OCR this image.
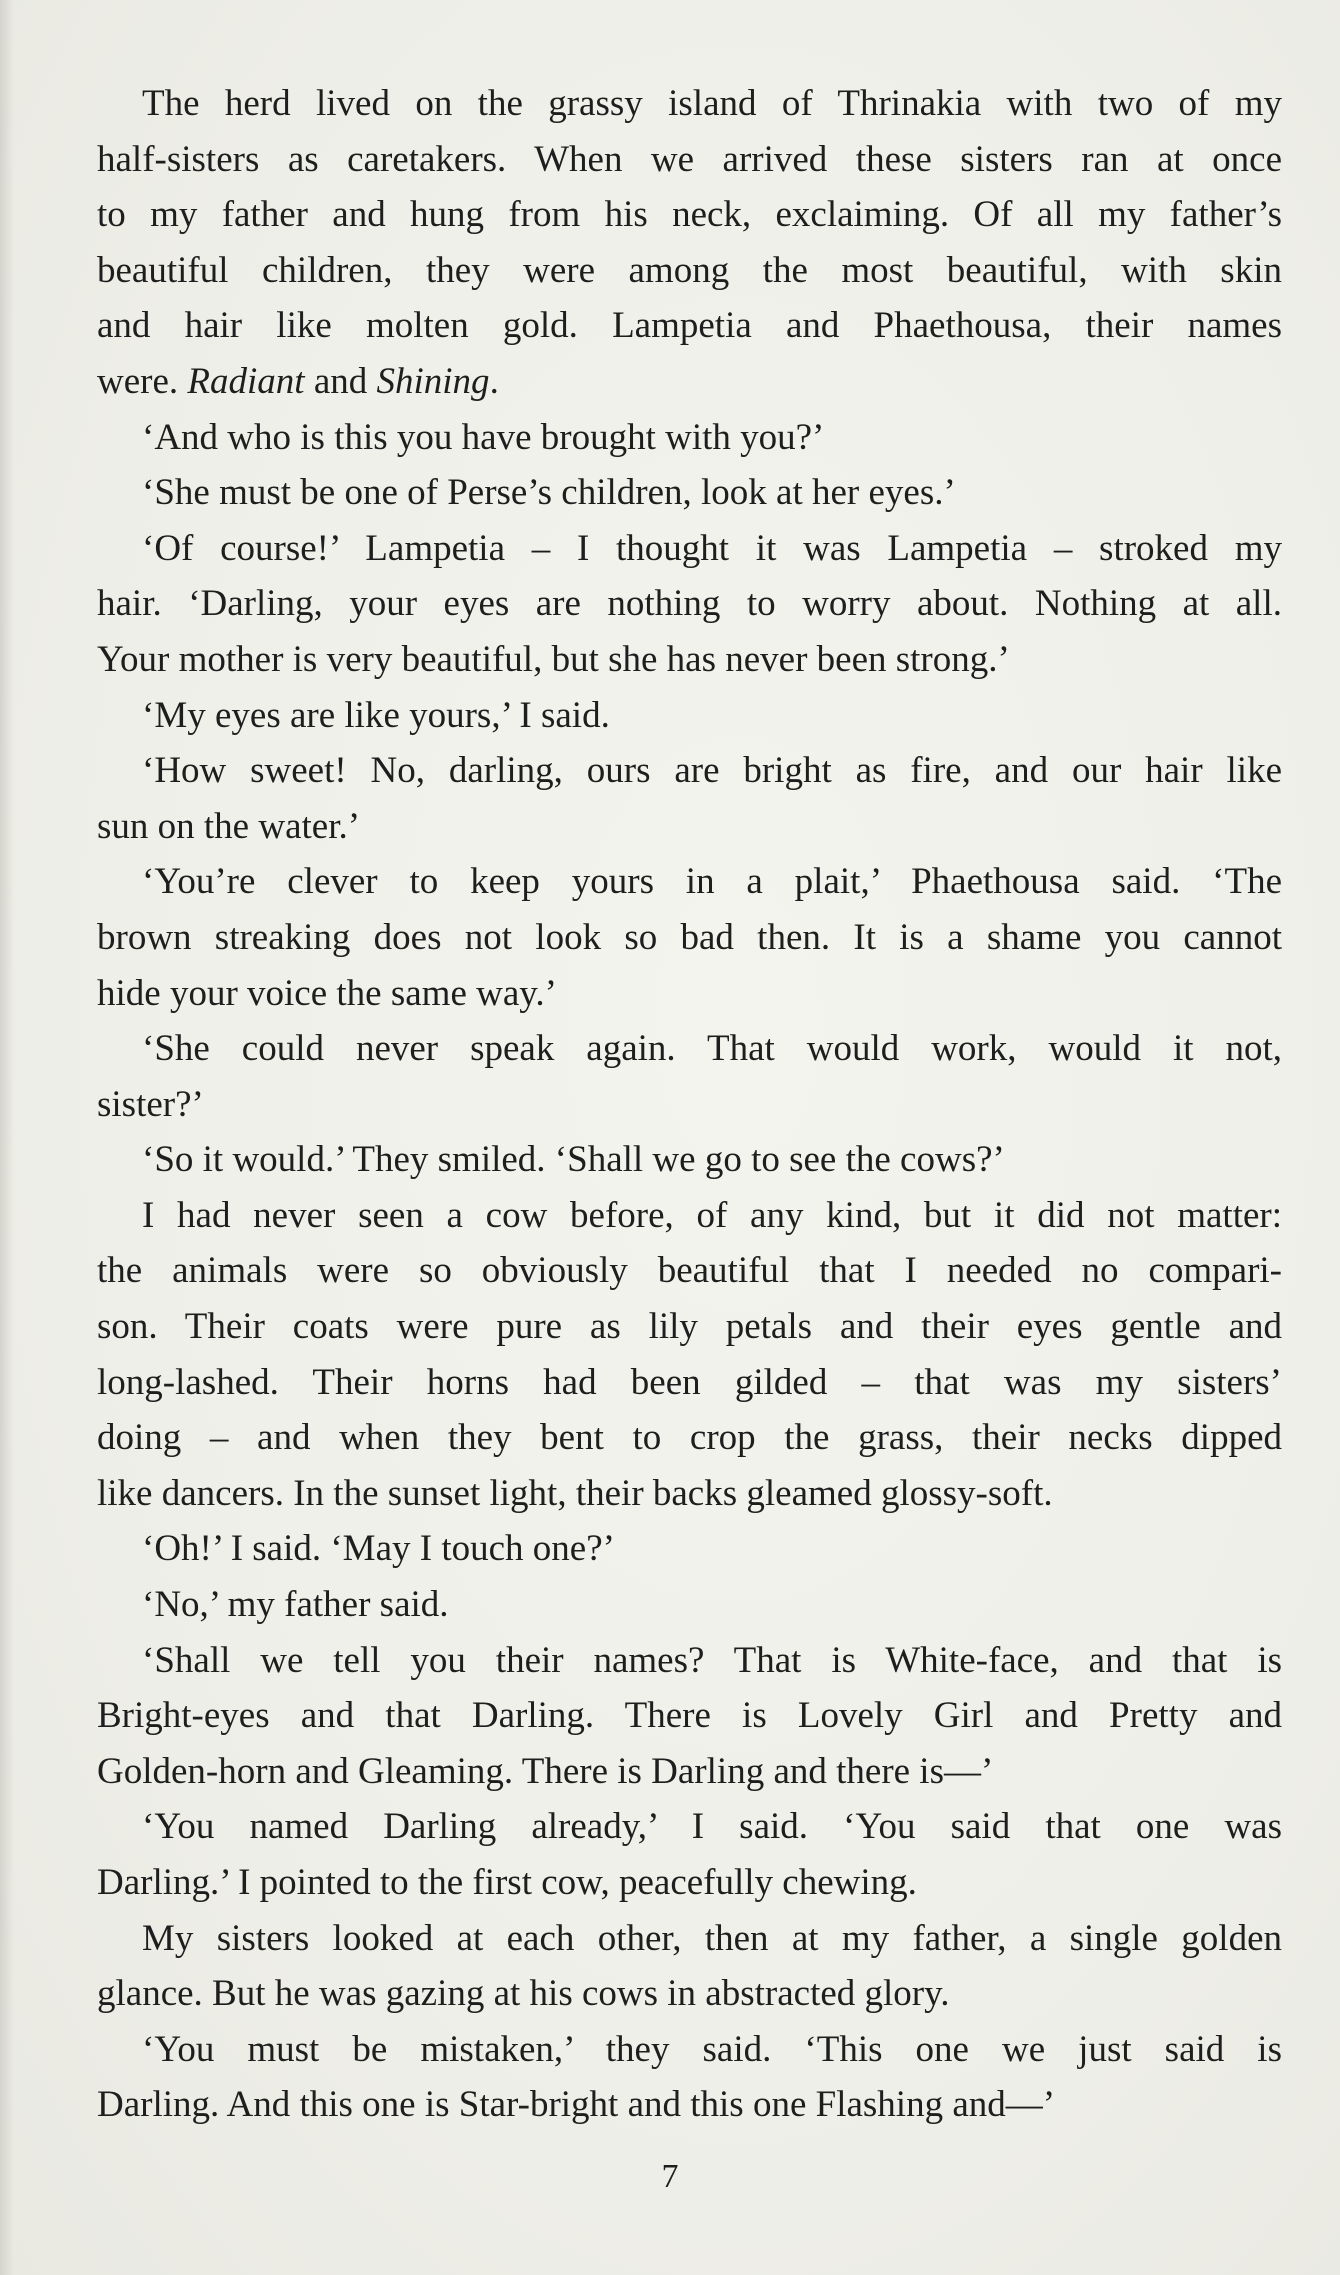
The herd lived on the grassy island of Thrinakia with two of my
half-sisters as caretakers. When we arrived these sisters ran at once
to my father and hung from his neck, exclaiming. Of all my father’s
beautiful children, they were among the most beautiful, with skin
and hair like molten gold. Lampetia and Phaethousa, their names
were. Radiant and Shining.
‘And who is this you have brought with you?’
‘She must be one of Perse’s children, look at her eyes.’
‘Of course!’ Lampetia – I thought it was Lampetia – stroked my
hair. ‘Darling, your eyes are nothing to worry about. Nothing at all.
Your mother is very beautiful, but she has never been strong.’
‘My eyes are like yours,’ I said.
‘How sweet! No, darling, ours are bright as fire, and our hair like
sun on the water.’
‘You’re clever to keep yours in a plait,’ Phaethousa said. ‘The
brown streaking does not look so bad then. It is a shame you cannot
hide your voice the same way.’
‘She could never speak again. That would work, would it not,
sister?’
‘So it would.’ They smiled. ‘Shall we go to see the cows?’
I had never seen a cow before, of any kind, but it did not matter:
the animals were so obviously beautiful that I needed no compari-
son. Their coats were pure as lily petals and their eyes gentle and
long-lashed. Their horns had been gilded – that was my sisters’
doing – and when they bent to crop the grass, their necks dipped
like dancers. In the sunset light, their backs gleamed glossy-soft.
‘Oh!’ I said. ‘May I touch one?’
‘No,’ my father said.
‘Shall we tell you their names? That is White-face, and that is
Bright-eyes and that Darling. There is Lovely Girl and Pretty and
Golden-horn and Gleaming. There is Darling and there is—’
‘You named Darling already,’ I said. ‘You said that one was
Darling.’ I pointed to the first cow, peacefully chewing.
My sisters looked at each other, then at my father, a single golden
glance. But he was gazing at his cows in abstracted glory.
‘You must be mistaken,’ they said. ‘This one we just said is
Darling. And this one is Star-bright and this one Flashing and—’
7
